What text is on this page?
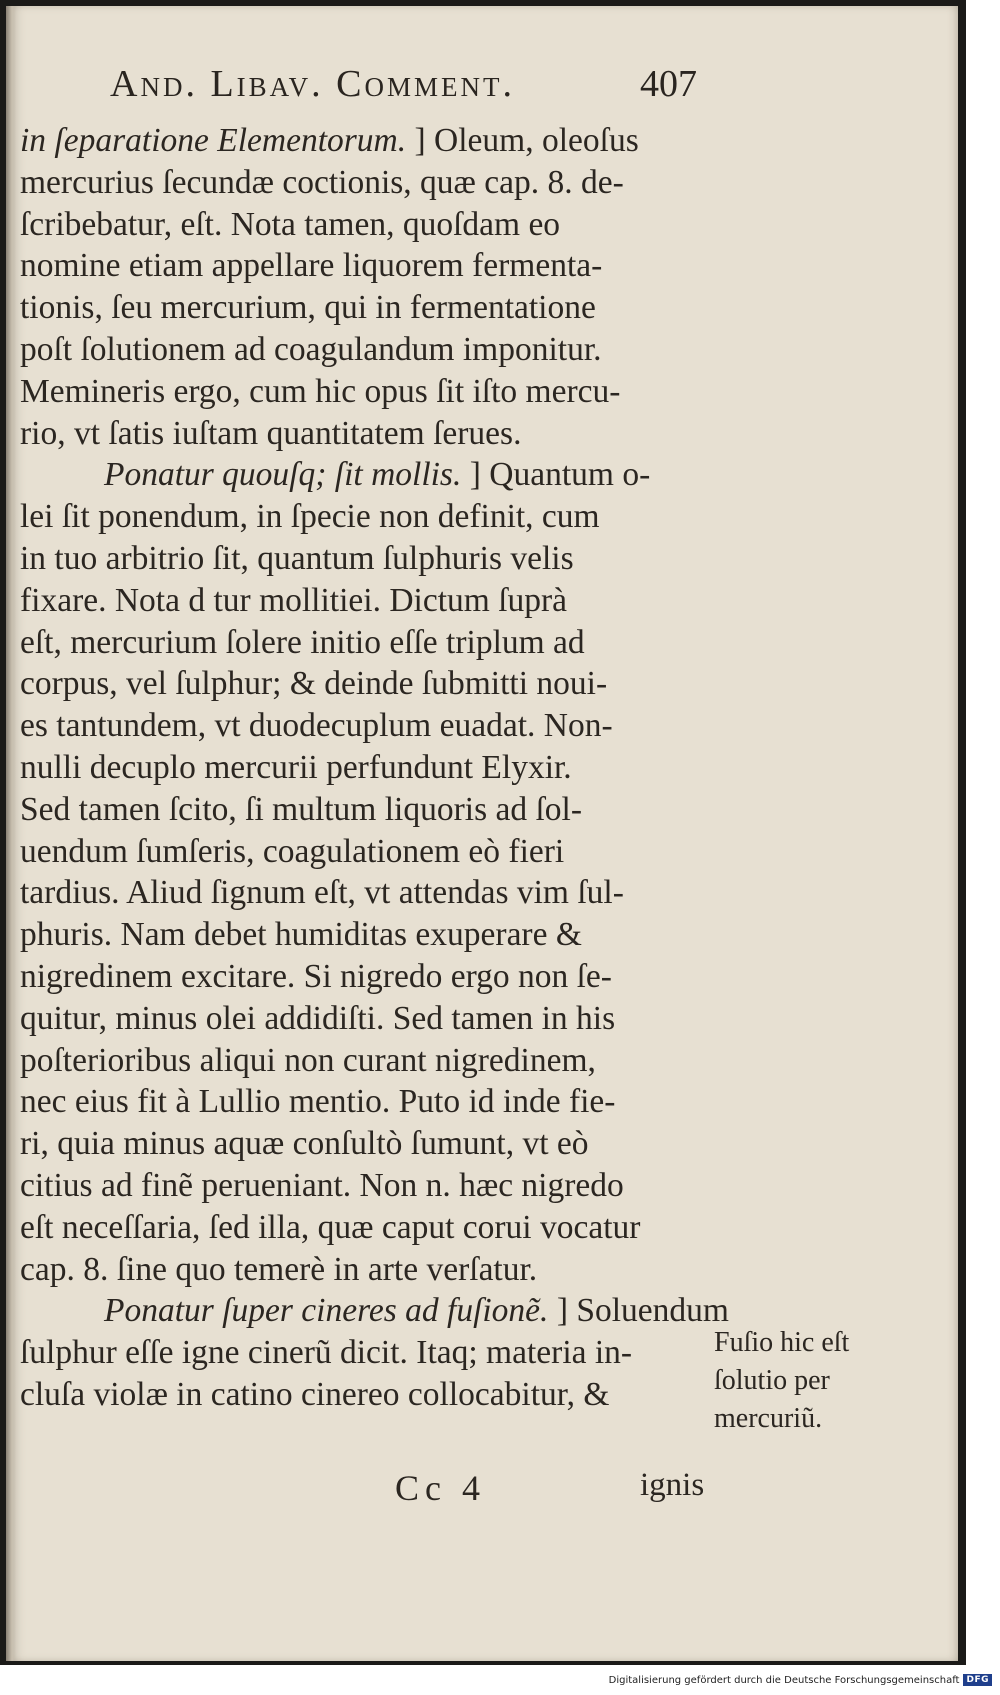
And. Libav. Comment.	407
in ſeparatione Elementorum. ] Oleum, oleoſus
mercurius ſecundæ coctionis, quæ cap. 8. de-
ſcribebatur, eſt. Nota tamen, quoſdam eo
nomine etiam appellare liquorem fermenta-
tionis, ſeu mercurium, qui in fermentatione
poſt ſolutionem ad coagulandum imponitur.
Memineris ergo, cum hic opus ſit iſto mercu-
rio, vt ſatis iuſtam quantitatem ſerues.
Ponatur quouſq; ſit mollis. ] Quantum o-
lei ſit ponendum, in ſpecie non definit, cum
in tuo arbitrio ſit, quantum ſulphuris velis
fixare. Nota d tur mollitiei. Dictum ſuprà
eſt, mercurium ſolere initio eſſe triplum ad
corpus, vel ſulphur; & deinde ſubmitti noui-
es tantundem, vt duodecuplum euadat. Non-
nulli decuplo mercurii perfundunt Elyxir.
Sed tamen ſcito, ſi multum liquoris ad ſol-
uendum ſumſeris, coagulationem eò fieri
tardius. Aliud ſignum eſt, vt attendas vim ſul-
phuris. Nam debet humiditas exuperare &
nigredinem excitare. Si nigredo ergo non ſe-
quitur, minus olei addidiſti. Sed tamen in his
poſterioribus aliqui non curant nigredinem,
nec eius fit à Lullio mentio. Puto id inde fie-
ri, quia minus aquæ conſultò ſumunt, vt eò
citius ad finẽ perueniant. Non n. hæc nigredo
eſt neceſſaria, ſed illa, quæ caput corui vocatur
cap. 8. ſine quo temerè in arte verſatur.
Ponatur ſuper cineres ad fuſionẽ. ] Soluendum
ſulphur eſſe igne cinerũ dicit. Itaq; materia in-
cluſa violæ in catino cinereo collocabitur, &
Fuſio hic eſt
ſolutio per
mercuriũ.
Cc 4	ignis
Digitalisierung gefördert durch die Deutsche Forschungsgemeinschaft DFG
